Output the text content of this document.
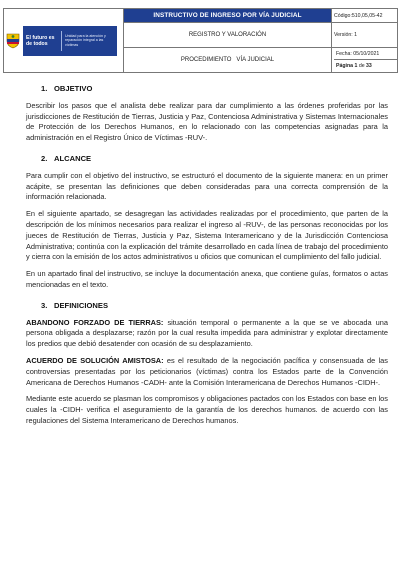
El futuro es de todos
Unidad para la atención y reparación integral a las víctimas	INSTRUCTIVO DE INGRESO POR VÍA JUDICIAL	Código:510,05,05-42
	REGISTRO Y VALORACIÓN	Versión: 1
	PROCEDIMIENTO   VÍA JUDICIAL	Fecha: 05/10/2021
Página 1 de 33
1. OBJETIVO

Describir los pasos que el analista debe realizar para dar cumplimiento a las órdenes proferidas por las jurisdicciones de Restitución de Tierras, Justicia y Paz, Contenciosa Administrativa y Sistemas Internacionales de Protección de los Derechos Humanos, en lo relacionado con las competencias asignadas para la administración en el Registro Único de Víctimas -RUV-.

2. ALCANCE

Para cumplir con el objetivo del instructivo, se estructuró el documento de la siguiente manera: en un primer acápite, se presentan las definiciones que deben consideradas para una correcta comprensión de la información relacionada.

En el siguiente apartado, se desagregan las actividades realizadas por el procedimiento, que parten de la descripción de los mínimos necesarios para realizar el ingreso al -RUV-, de las personas reconocidas por los jueces de Restitución de Tierras, Justicia y Paz, Sistema Interamericano y de la Jurisdicción Contenciosa Administrativa; continúa con la explicación del trámite desarrollado en cada línea de trabajo del procedimiento y cierra con la emisión de los actos administrativos u oficios que comunican el cumplimiento del fallo judicial.

En un apartado final del instructivo, se incluye la documentación anexa, que contiene guías, formatos o actas mencionadas en el texto.

3. DEFINICIONES

ABANDONO FORZADO DE TIERRAS: situación temporal o permanente a la que se ve abocada una persona obligada a desplazarse; razón por la cual resulta impedida para administrar y explotar directamente los predios que debió desatender con ocasión de su desplazamiento.

ACUERDO DE SOLUCIÓN AMISTOSA: es el resultado de la negociación pacífica y consensuada de las controversias presentadas por los peticionarios (víctimas) contra los Estados parte de la Convención Americana de Derechos Humanos -CADH- ante la Comisión Interamericana de Derechos Humanos -CIDH-.

Mediante este acuerdo se plasman los compromisos y obligaciones pactados con los Estados con base en los cuales la -CIDH- verifica el aseguramiento de la garantía de los derechos humanos. de acuerdo con las regulaciones del Sistema Interamericano de Derechos humanos.
